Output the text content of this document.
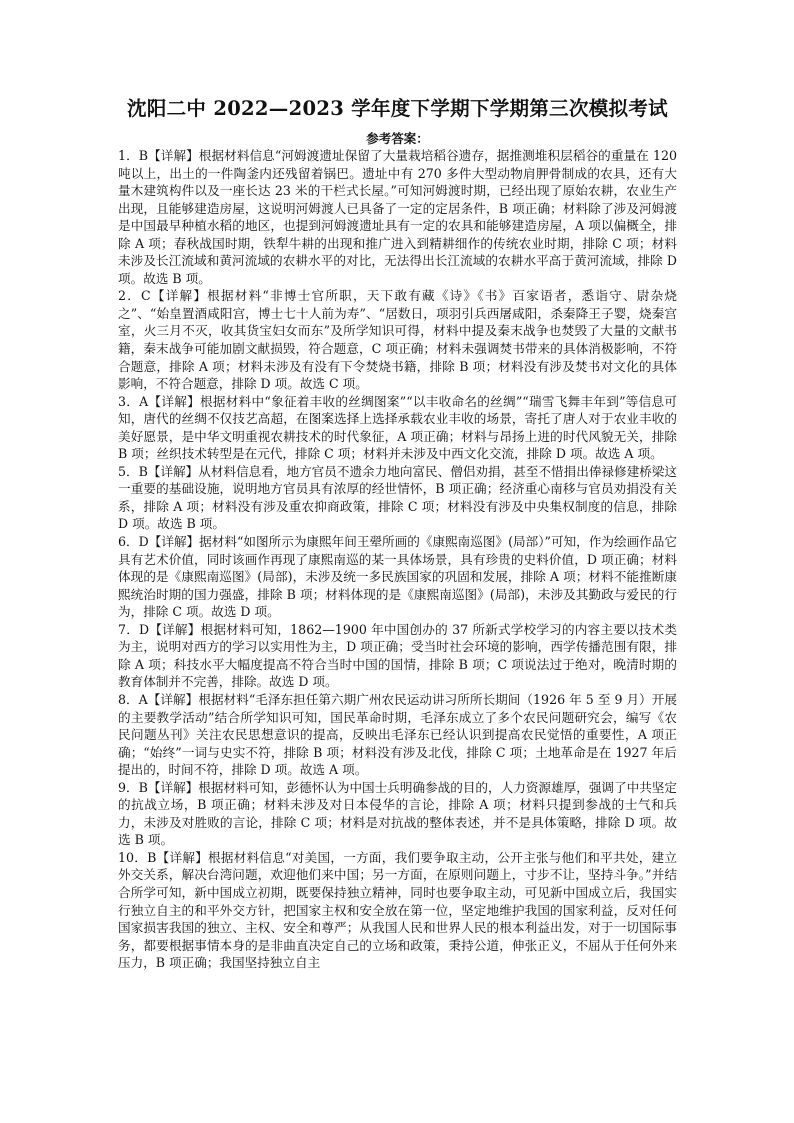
沈阳二中 2022—2023 学年度下学期下学期第三次模拟考试
参考答案：

1．B【详解】根据材料信息“河姆渡遗址保留了大量栽培稻谷遗存，据推测堆积层稻谷的重量在 120 吨以上，出土的一件陶釜内还残留着锅巴。遗址中有 270 多件大型动物肩胛骨制成的农具，还有大量木建筑构件以及一座长达 23 米的干栏式长屋。”可知河姆渡时期，已经出现了原始农耕，农业生产出现，且能够建造房屋，这说明河姆渡人已具备了一定的定居条件，B 项正确；材料除了涉及河姆渡是中国最早种植水稻的地区，也提到河姆渡遗址具有一定的农具和能够建造房屋，A 项以偏概全，排除 A 项；春秋战国时期，铁犁牛耕的出现和推广进入到精耕细作的传统农业时期，排除 C 项；材料未涉及长江流域和黄河流域的农耕水平的对比，无法得出长江流域的农耕水平高于黄河流域，排除 D 项。故选 B 项。

2．C【详解】根据材料“非博士官所职，天下敢有藏《诗》《书》百家语者，悉诣守、尉杂烧之”、“始皇置酒咸阳宫，博士七十人前为寿”、“居数日，项羽引兵西屠咸阳，杀秦降王子婴，烧秦宫室，火三月不灭，收其货宝妇女而东”及所学知识可得，材料中提及秦末战争也焚毁了大量的文献书籍，秦末战争可能加剧文献损毁，符合题意，C 项正确；材料未强调焚书带来的具体消极影响，不符合题意，排除 A 项；材料未涉及有没有下令焚烧书籍，排除 B 项；材料没有涉及焚书对文化的具体影响，不符合题意，排除 D 项。故选 C 项。

3．A【详解】根据材料中“象征着丰收的丝绸图案”“以丰收命名的丝绸”“瑞雪飞舞丰年到”等信息可知，唐代的丝绸不仅技艺高超，在图案选择上选择承载农业丰收的场景，寄托了唐人对于农业丰收的美好愿景，是中华文明重视农耕技术的时代象征，A 项正确；材料与昂扬上进的时代风貌无关，排除 B 项；丝织技术转型是在元代，排除 C 项；材料并未涉及中西文化交流，排除 D 项。故选 A 项。

5．B【详解】从材料信息看，地方官员不遗余力地向富民、僧侣劝捐，甚至不惜捐出俸禄修建桥梁这一重要的基础设施，说明地方官员具有浓厚的经世情怀，B 项正确；经济重心南移与官员劝捐没有关系，排除 A 项；材料没有涉及重农抑商政策，排除 C 项；材料没有涉及中央集权制度的信息，排除 D 项。故选 B 项。

6．D【详解】据材料“如图所示为康熙年间王翚所画的《康熙南巡图》(局部）”可知，作为绘画作品它具有艺术价值，同时该画作再现了康熙南巡的某一具体场景，具有珍贵的史料价值，D 项正确；材料体现的是《康熙南巡图》(局部)，未涉及统一多民族国家的巩固和发展，排除 A 项；材料不能推断康熙统治时期的国力强盛，排除 B 项；材料体现的是《康熙南巡图》(局部)，未涉及其勤政与爱民的行为，排除 C 项。故选 D 项。

7．D【详解】根据材料可知，1862—1900 年中国创办的 37 所新式学校学习的内容主要以技术类为主，说明对西方的学习以实用性为主，D 项正确；受当时社会环境的影响，西学传播范围有限，排除 A 项；科技水平大幅度提高不符合当时中国的国情，排除 B 项；C 项说法过于绝对，晚清时期的教育体制并不完善，排除。故选 D 项。

8．A【详解】根据材料“毛泽东担任第六期广州农民运动讲习所所长期间（1926 年 5 至 9 月）开展的主要教学活动”结合所学知识可知，国民革命时期，毛泽东成立了多个农民问题研究会，编写《农民问题丛刊》关注农民思想意识的提高，反映出毛泽东已经认识到提高农民觉悟的重要性，A 项正确；“始终”一词与史实不符，排除 B 项；材料没有涉及北伐，排除 C 项；土地革命是在 1927 年后提出的，时间不符，排除 D 项。故选 A 项。

9．B【详解】根据材料可知，彭德怀认为中国士兵明确参战的目的，人力资源雄厚，强调了中共坚定的抗战立场，B 项正确；材料未涉及对日本侵华的言论，排除 A 项；材料只提到参战的士气和兵力，未涉及对胜败的言论，排除 C 项；材料是对抗战的整体表述，并不是具体策略，排除 D 项。故选 B 项。

10．B【详解】根据材料信息“对美国，一方面，我们要争取主动，公开主张与他们和平共处，建立外交关系，解决台湾问题，欢迎他们来中国；另一方面，在原则问题上，寸步不让，坚持斗争。”并结合所学可知，新中国成立初期，既要保持独立精神，同时也要争取主动，可见新中国成立后，我国实行独立自主的和平外交方针，把国家主权和安全放在第一位，坚定地维护我国的国家利益，反对任何国家损害我国的独立、主权、安全和尊严；从我国人民和世界人民的根本利益出发，对于一切国际事务，都要根据事情本身的是非曲直决定自己的立场和政策，秉持公道，伸张正义，不屈从于任何外来压力，B 项正确；我国坚持独立自主
